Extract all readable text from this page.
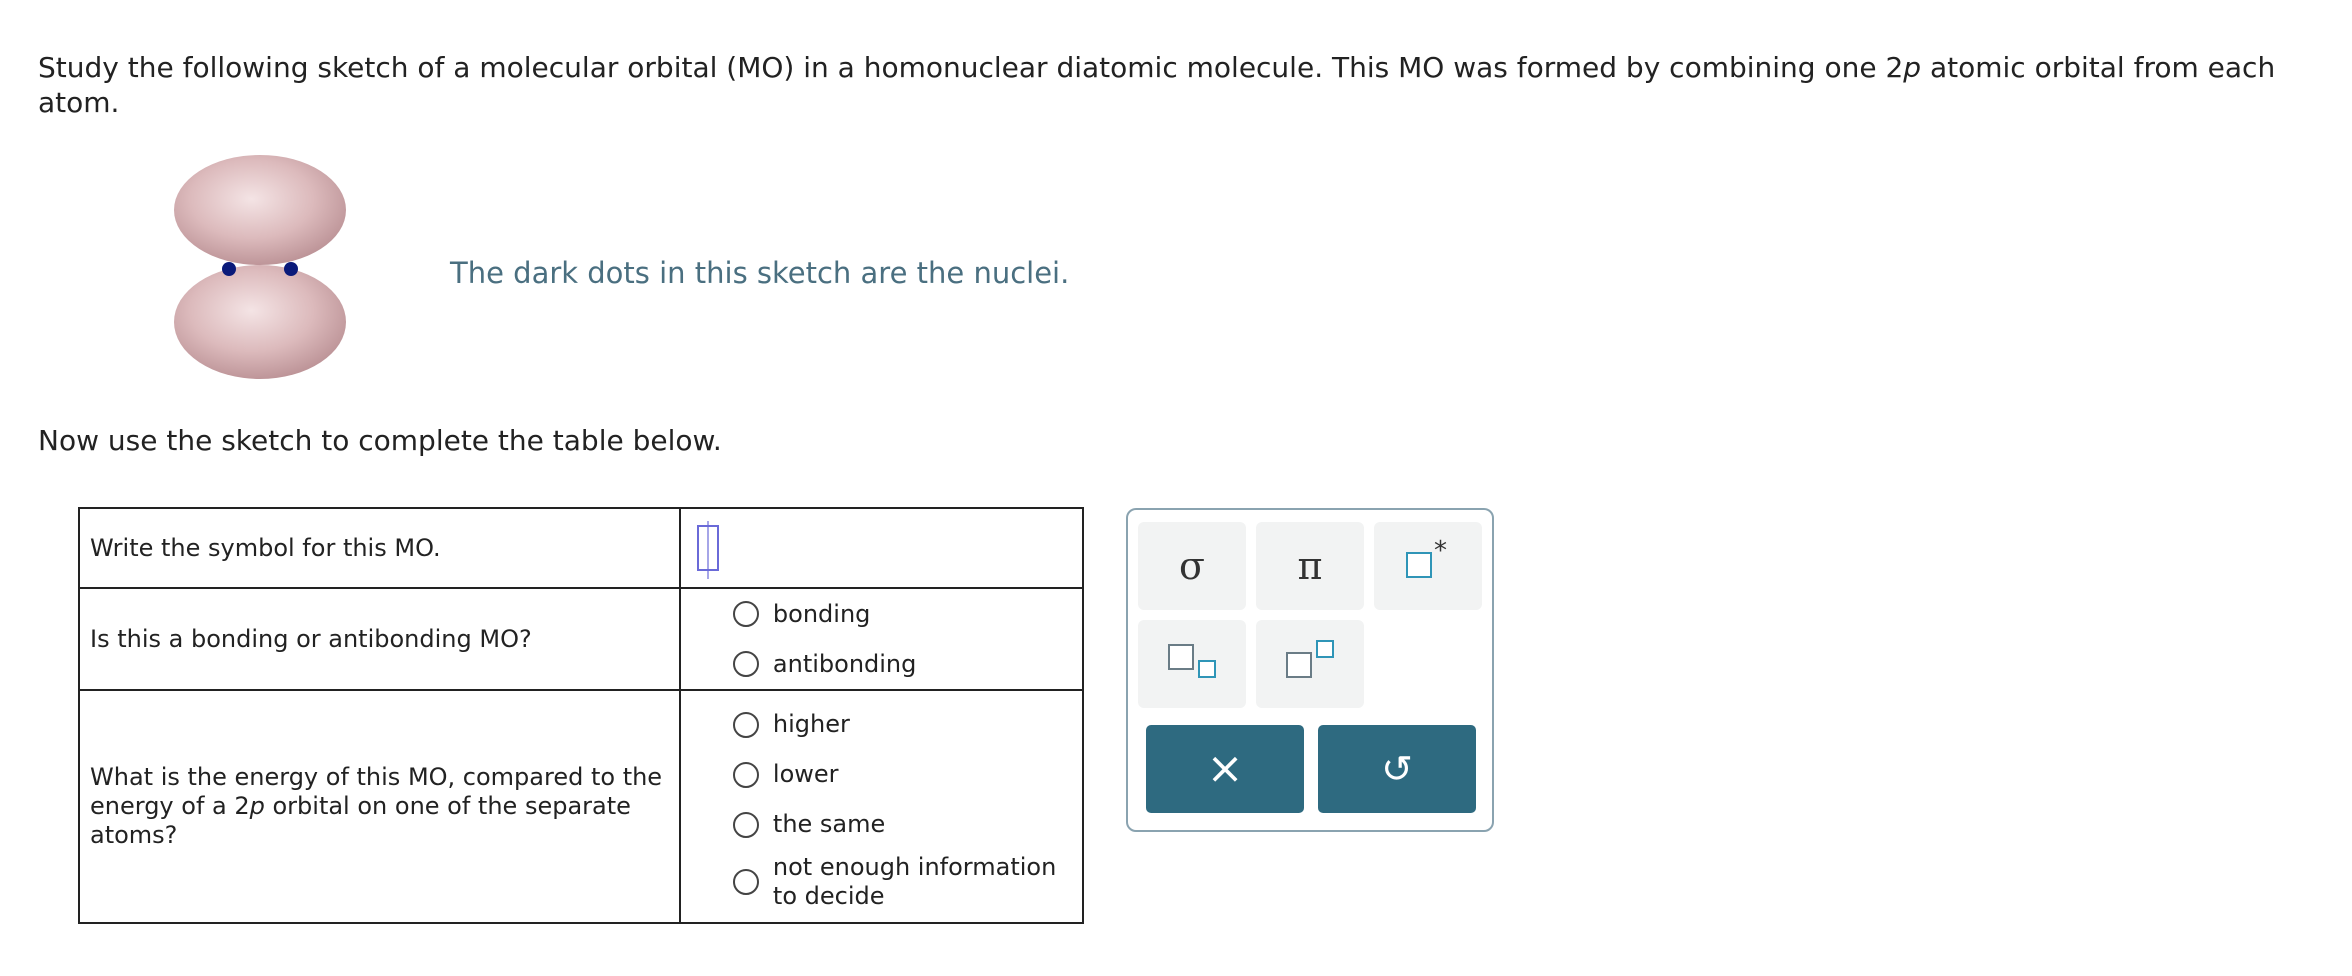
Study the following sketch of a molecular orbital (MO) in a homonuclear diatomic molecule. This MO was formed by combining one 2p atomic orbital from each atom.
The dark dots in this sketch are the nuclei.
Now use the sketch to complete the table below.
Write the symbol for this MO.	

Is this a bonding or antibonding MO?	bonding
antibonding

What is the energy of this MO, compared to the energy of a 2p orbital on one of the separate atoms?	higher
lower
the same
not enough information to decide
σ π	*
×	↺
